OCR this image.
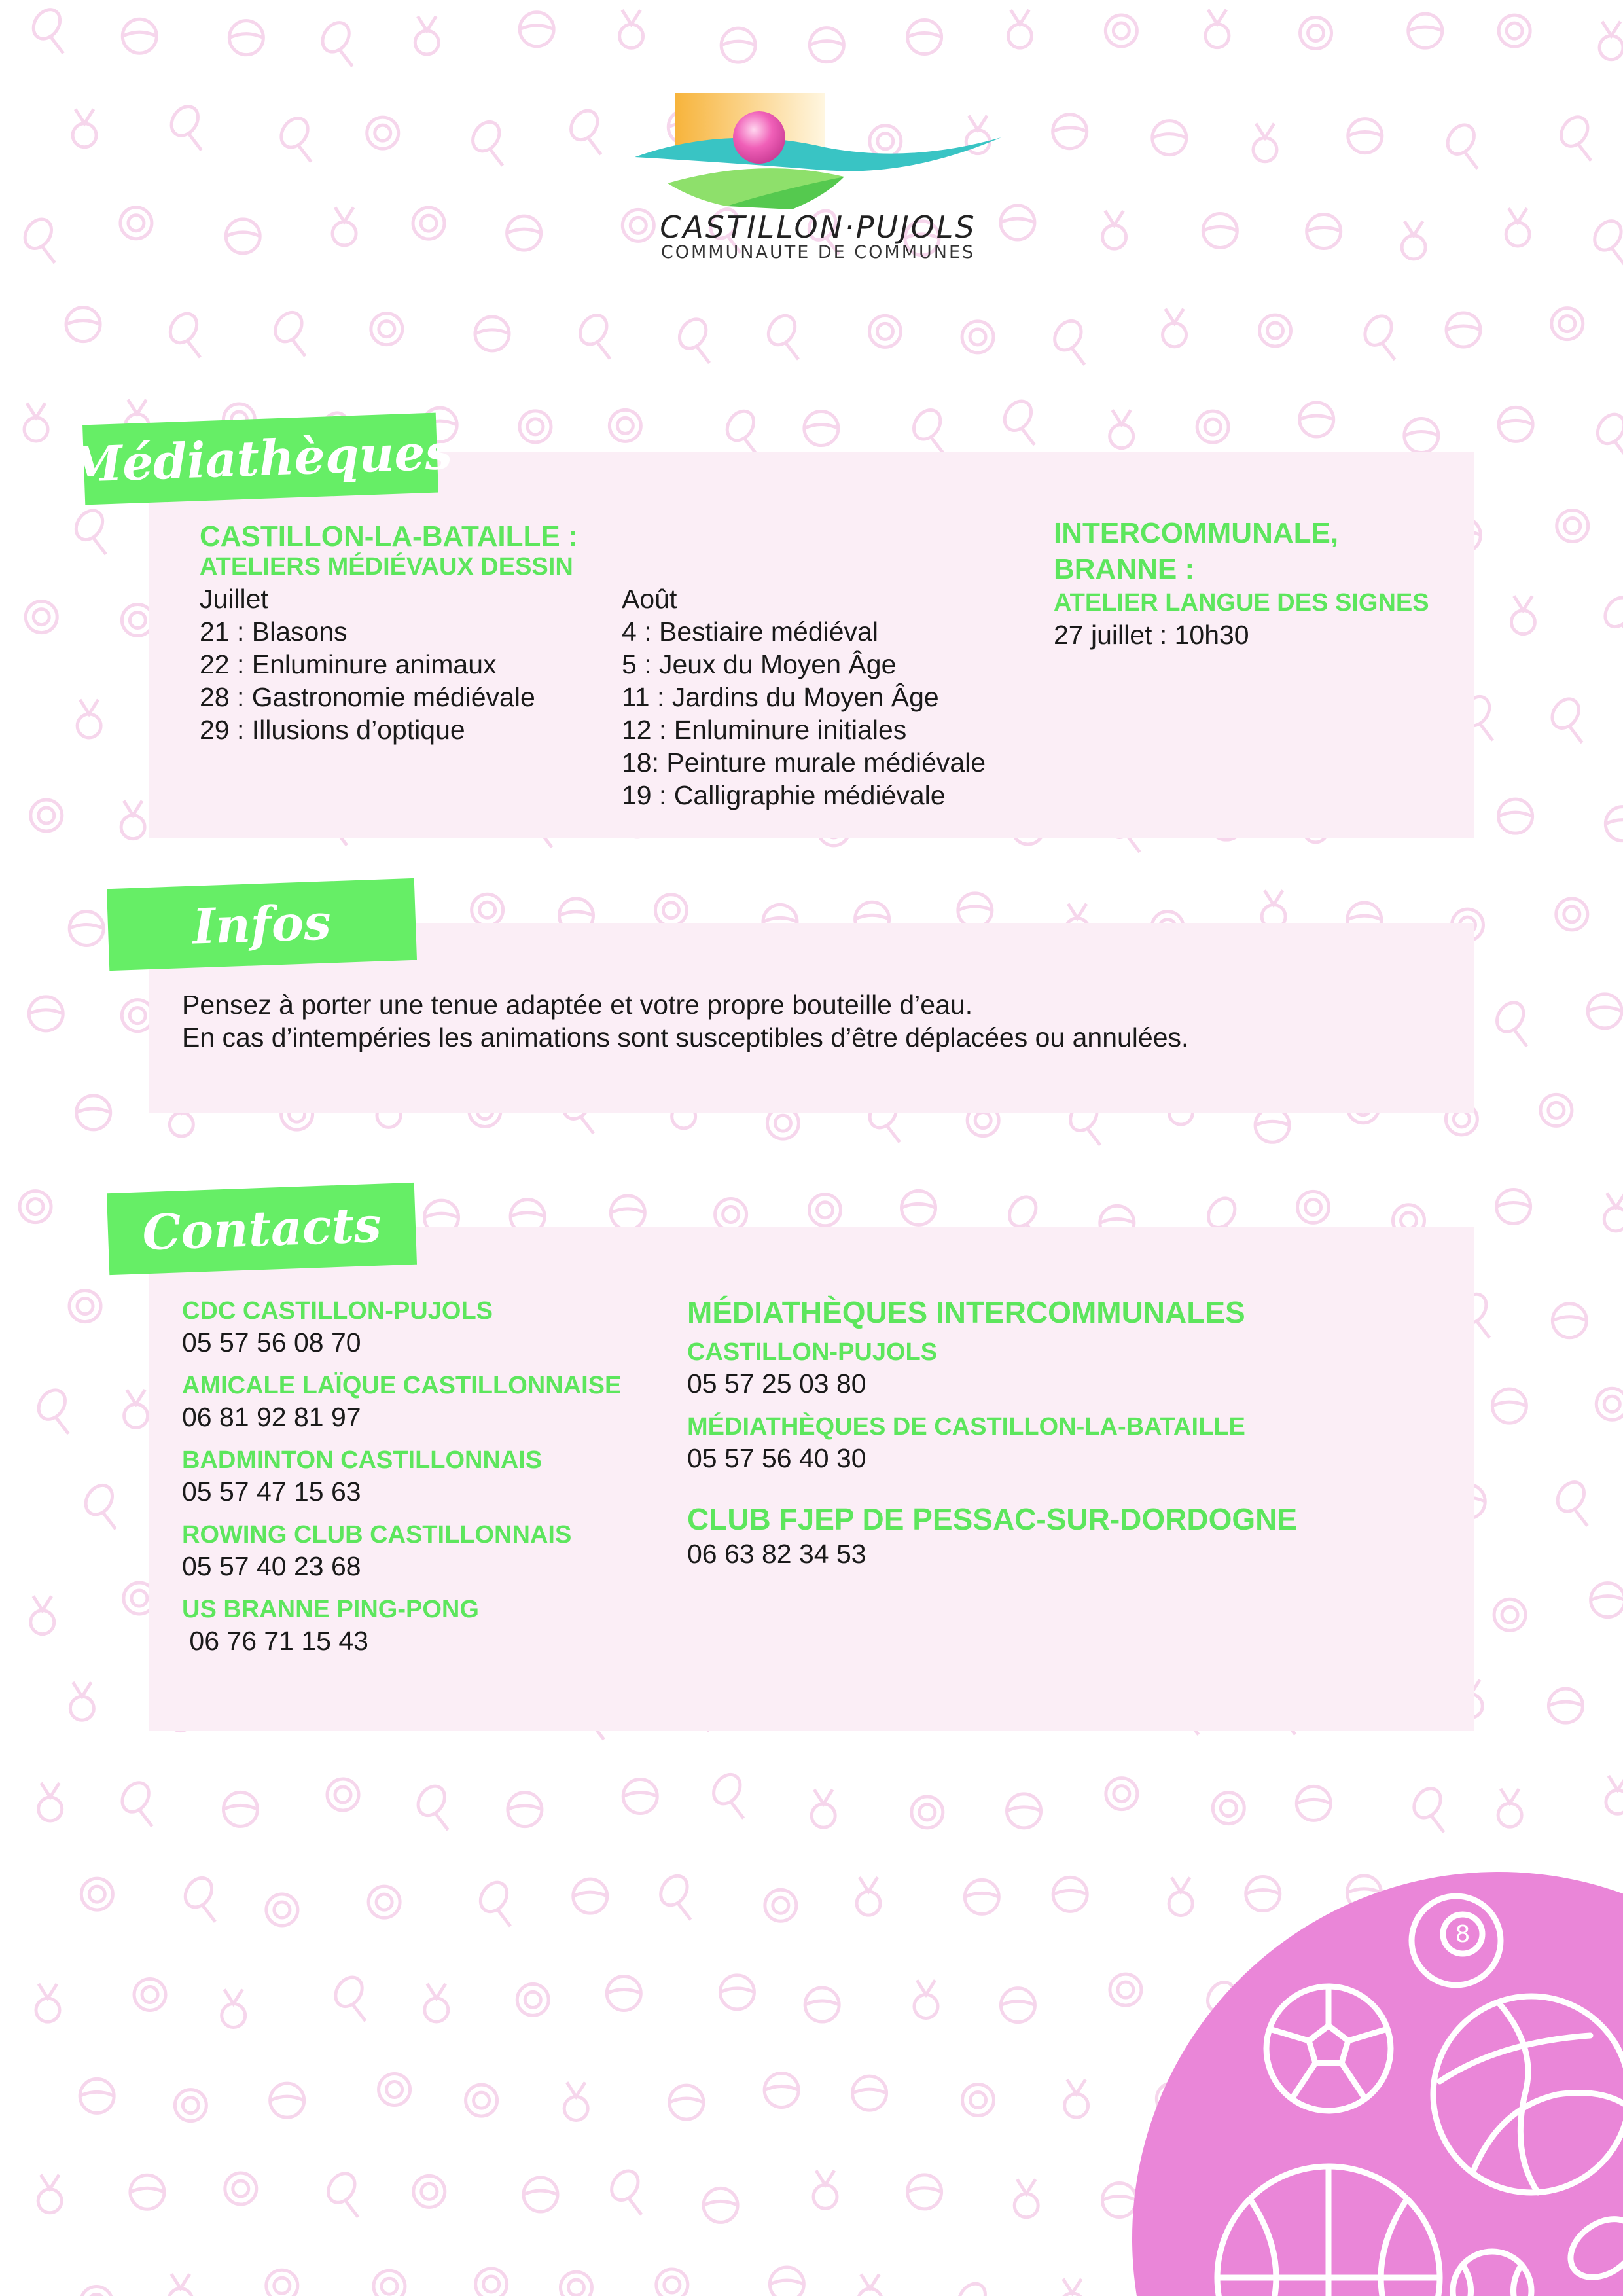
CASTILLON·PUJOLS
COMMUNAUTE DE COMMUNES
Médiathèques
CASTILLON-LA-BATAILLE :
ATELIERS MÉDIÉVAUX DESSIN
Juillet
21 : Blasons
22 : Enluminure animaux
28 : Gastronomie médiévale
29 : Illusions d’optique
Août
4 : Bestiaire médiéval
5 : Jeux du Moyen Âge
11 : Jardins du Moyen Âge
12 : Enluminure initiales
18: Peinture murale médiévale
19 : Calligraphie médiévale
INTERCOMMUNALE,
BRANNE :
ATELIER LANGUE DES SIGNES
27 juillet : 10h30
Infos
Pensez à porter une tenue adaptée et votre propre bouteille d’eau.
En cas d’intempéries les animations sont susceptibles d’être déplacées ou annulées.
Contacts
CDC CASTILLON-PUJOLS
05 57 56 08 70
AMICALE LAÏQUE CASTILLONNAISE
06 81 92 81 97
BADMINTON CASTILLONNAIS
05 57 47 15 63
ROWING CLUB CASTILLONNAIS
05 57 40 23 68
US BRANNE PING-PONG
06 76 71 15 43
MÉDIATHÈQUES INTERCOMMUNALES
CASTILLON-PUJOLS
05 57 25 03 80
MÉDIATHÈQUES DE CASTILLON-LA-BATAILLE
05 57 56 40 30
CLUB FJEP DE PESSAC-SUR-DORDOGNE
06 63 82 34 53
8
